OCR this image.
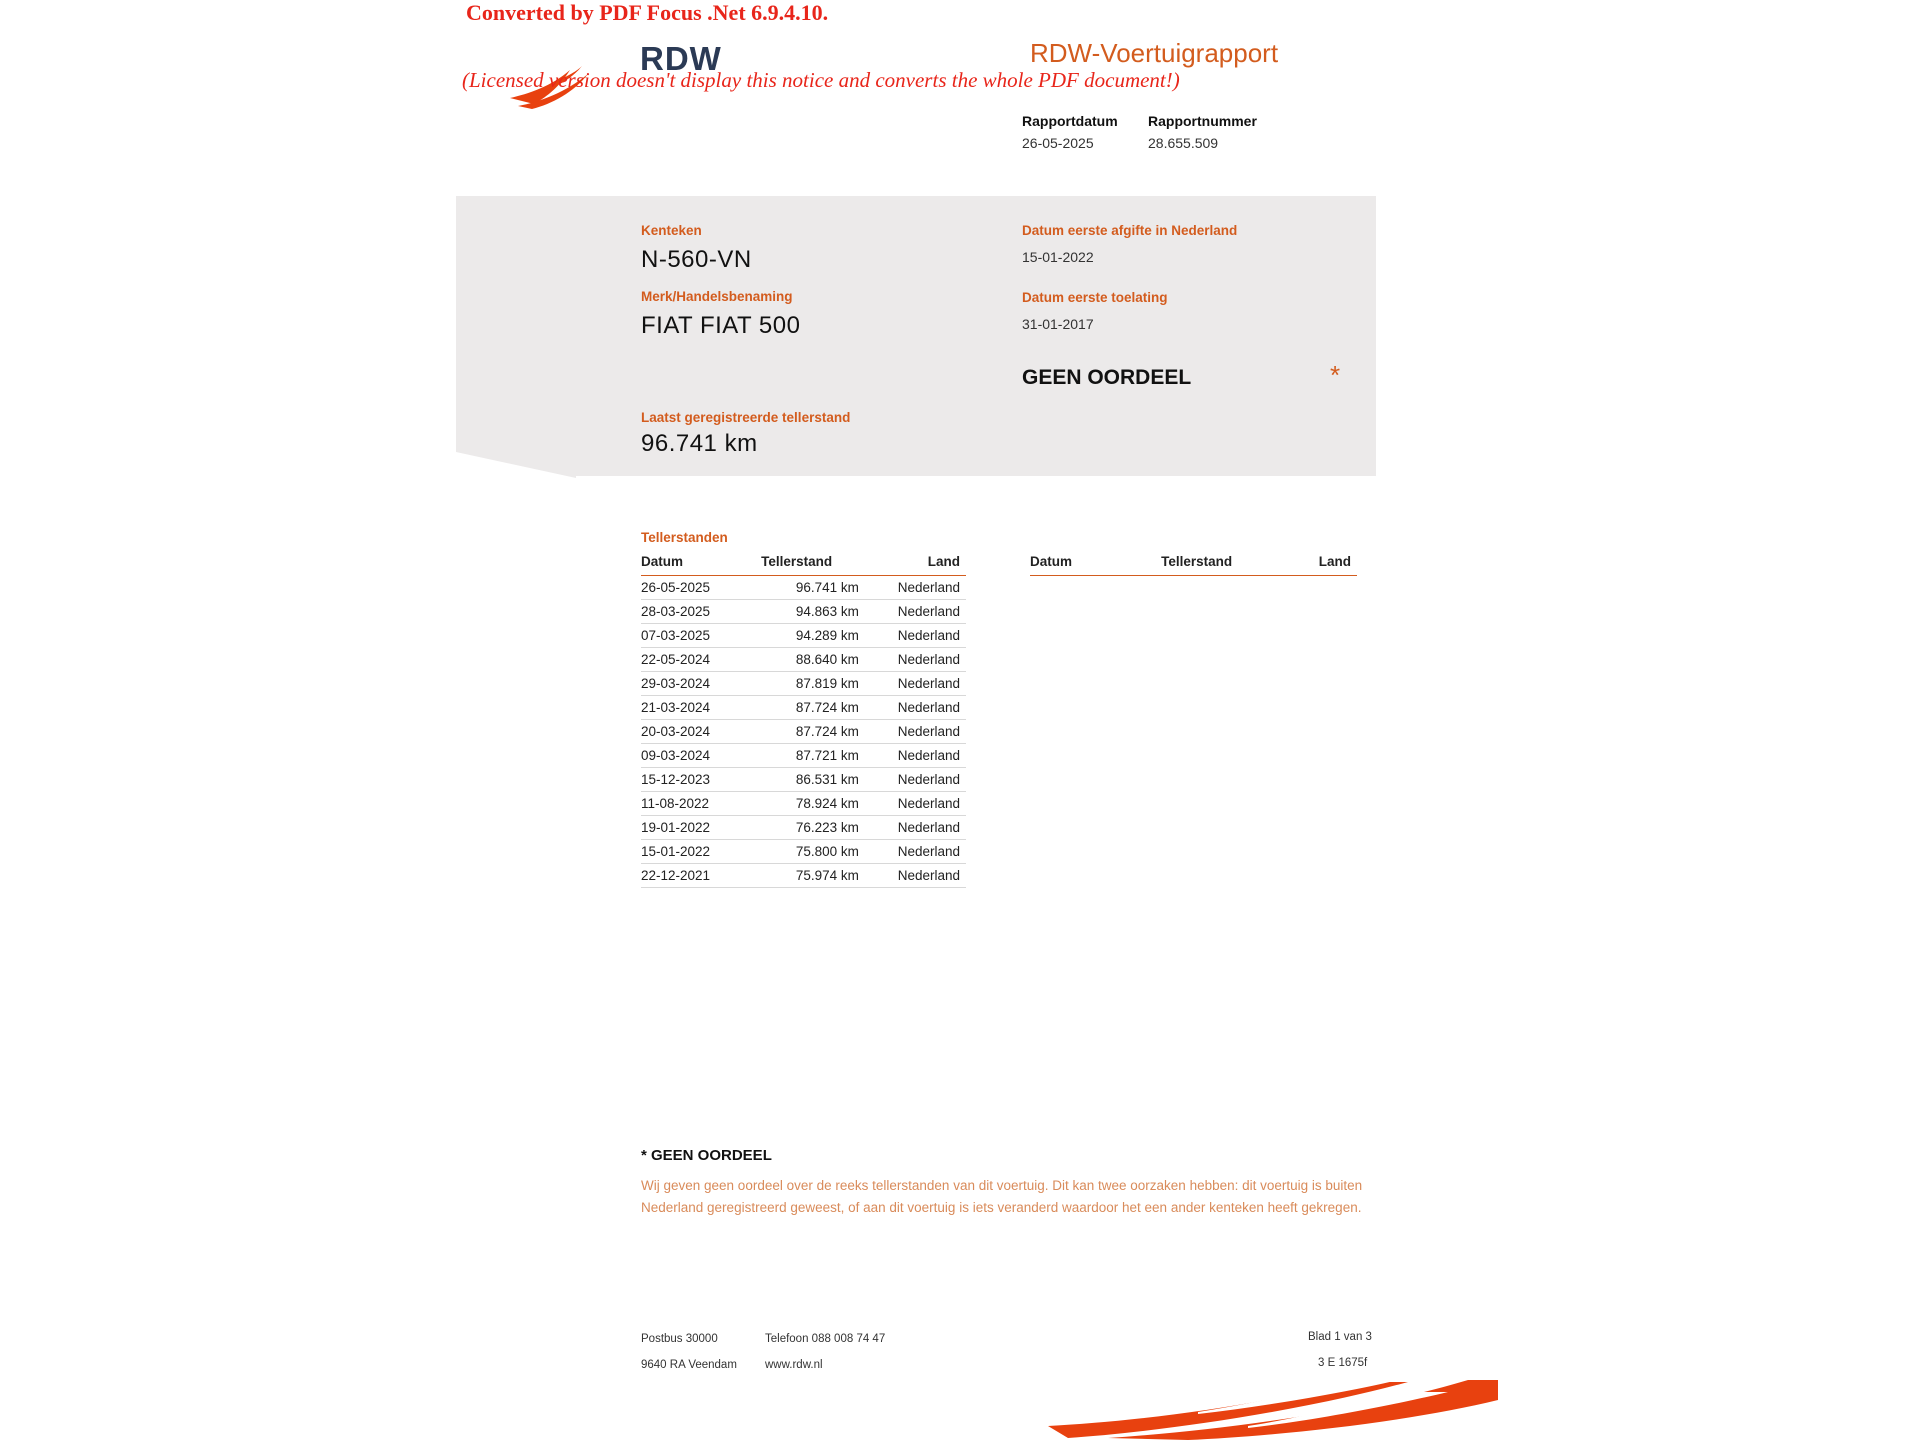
RDW	RDW-Voertuigrapport
Rapportdatum Rapportnummer
26-05-2025	28.655.509
Kenteken
N-560-VN
Merk/Handelsbenaming
FIAT FIAT 500
Laatst geregistreerde tellerstand
96.741 km
Datum eerste afgifte in Nederland
15-01-2022
Datum eerste toelating
31-01-2017
GEEN OORDEEL	*
Tellerstanden
Datum	Tellerstand	Land
26-05-2025	96.741 km	Nederland
28-03-2025	94.863 km	Nederland
07-03-2025	94.289 km	Nederland
22-05-2024	88.640 km	Nederland
29-03-2024	87.819 km	Nederland
21-03-2024	87.724 km	Nederland
20-03-2024	87.724 km	Nederland
09-03-2024	87.721 km	Nederland
15-12-2023	86.531 km	Nederland
11-08-2022	78.924 km	Nederland
19-01-2022	76.223 km	Nederland
15-01-2022	75.800 km	Nederland
22-12-2021	75.974 km	Nederland
Datum	Tellerstand	Land
* GEEN OORDEEL
Wij geven geen oordeel over de reeks tellerstanden van dit voertuig. Dit kan twee oorzaken hebben: dit voertuig is buiten Nederland geregistreerd geweest, of aan dit voertuig is iets veranderd waardoor het een ander kenteken heeft gekregen.
Postbus 30000
9640 RA Veendam
Telefoon 088 008 74 47
www.rdw.nl
Blad 1 van 3
3 E 1675f
Converted by PDF Focus .Net 6.9.4.10.
(Licensed version doesn't display this notice and converts the whole PDF document!)
